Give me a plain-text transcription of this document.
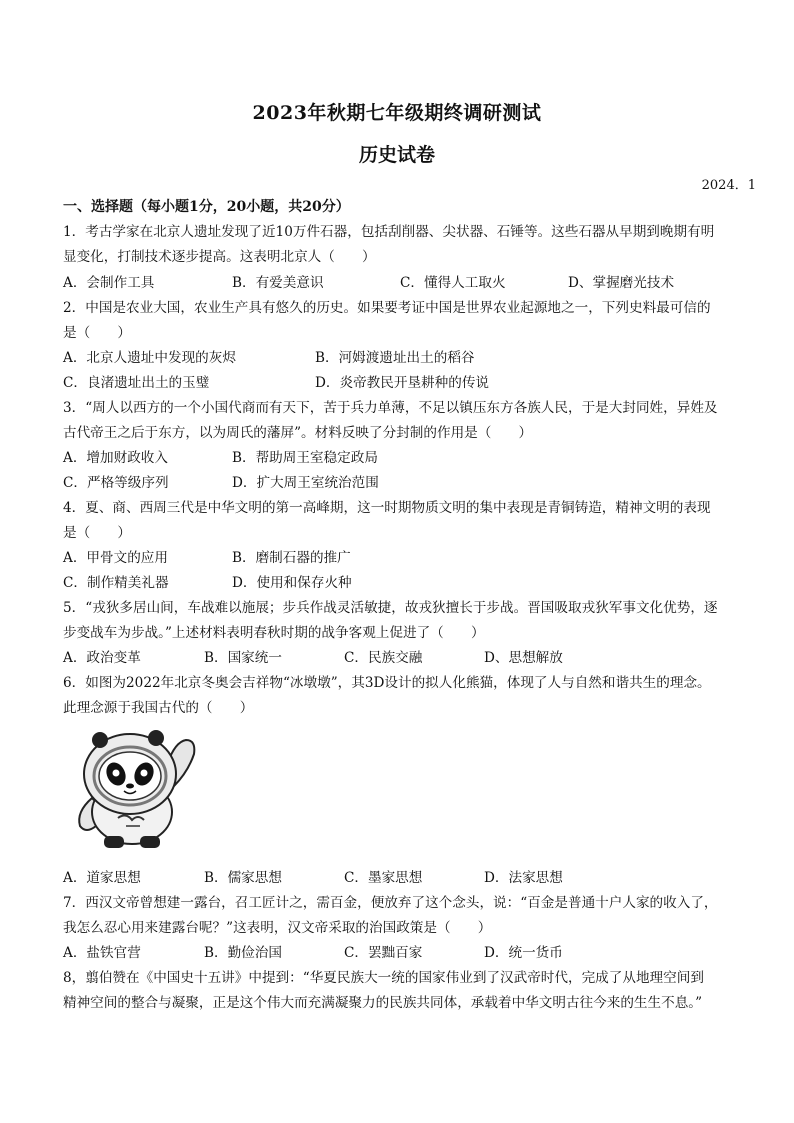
2023年秋期七年级期终调研测试
历史试卷
2024．1
一、选择题（每小题1分，20小题，共20分）
1．考古学家在北京人遗址发现了近10万件石器，包括刮削器、尖状器、石锤等。这些石器从早期到晚期有明
显变化，打制技术逐步提高。这表明北京人（　　）
A．会制作工具	B．有爱美意识	C．懂得人工取火	D、掌握磨光技术
2．中国是农业大国，农业生产具有悠久的历史。如果要考证中国是世界农业起源地之一，下列史料最可信的
是（　　）
A．北京人遗址中发现的灰烬	B．河姆渡遗址出土的稻谷
C．良渚遗址出土的玉璧	D．炎帝教民开垦耕种的传说
3．“周人以西方的一个小国代商而有天下，苦于兵力单薄，不足以镇压东方各族人民，于是大封同姓，异姓及
古代帝王之后于东方，以为周氏的藩屏”。材料反映了分封制的作用是（　　）
A．增加财政收入	B．帮助周王室稳定政局
C．严格等级序列	D．扩大周王室统治范围
4．夏、商、西周三代是中华文明的第一高峰期，这一时期物质文明的集中表现是青铜铸造，精神文明的表现
是（　　）
A．甲骨文的应用	B．磨制石器的推广
C．制作精美礼器	D．使用和保存火种
5．“戎狄多居山间，车战难以施展；步兵作战灵活敏捷，故戎狄擅长于步战。晋国吸取戎狄军事文化优势，逐
步变战车为步战。”上述材料表明春秋时期的战争客观上促进了（　　）
A．政治变革	B．国家统一	C．民族交融	D、思想解放
6．如图为2022年北京冬奥会吉祥物“冰墩墩”，其3D设计的拟人化熊猫，体现了人与自然和谐共生的理念。
此理念源于我国古代的（　　）
A．道家思想	B．儒家思想	C．墨家思想	D．法家思想
7．西汉文帝曾想建一露台，召工匠计之，需百金，便放弃了这个念头，说：“百金是普通十户人家的收入了，
我怎么忍心用来建露台呢？”这表明，汉文帝采取的治国政策是（　　）
A．盐铁官营	B．勤俭治国	C．罢黜百家	D．统一货币
8，翦伯赞在《中国史十五讲》中提到：“华夏民族大一统的国家伟业到了汉武帝时代，完成了从地理空间到
精神空间的整合与凝聚，正是这个伟大而充满凝聚力的民族共同体，承载着中华文明古往今来的生生不息。”
